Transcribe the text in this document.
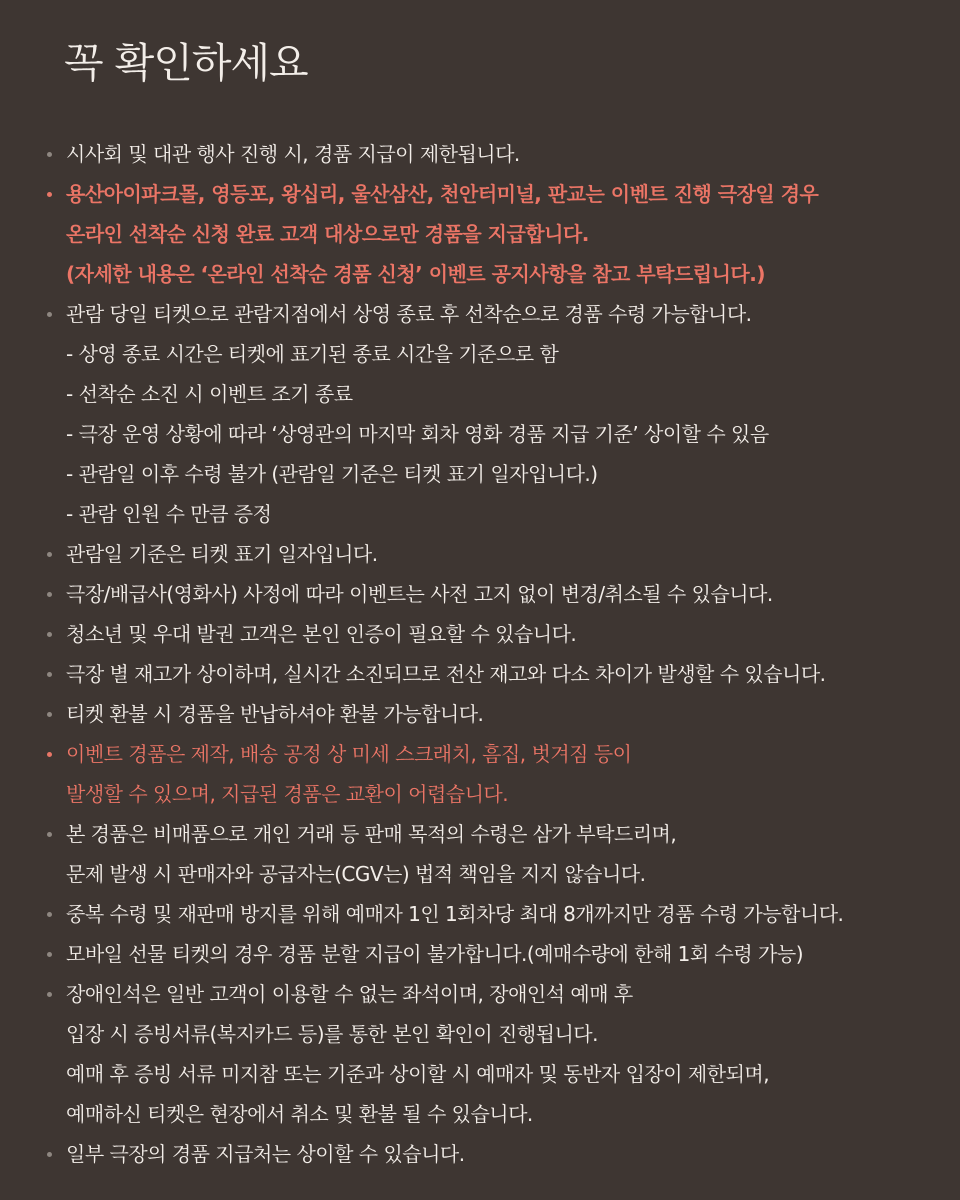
꼭 확인하세요
시사회 및 대관 행사 진행 시, 경품 지급이 제한됩니다.
용산아이파크몰, 영등포, 왕십리, 울산삼산, 천안터미널, 판교는 이벤트 진행 극장일 경우
온라인 선착순 신청 완료 고객 대상으로만 경품을 지급합니다.
(자세한 내용은 ‘온라인 선착순 경품 신청’ 이벤트 공지사항을 참고 부탁드립니다.)
관람 당일 티켓으로 관람지점에서 상영 종료 후 선착순으로 경품 수령 가능합니다.
- 상영 종료 시간은 티켓에 표기된 종료 시간을 기준으로 함
- 선착순 소진 시 이벤트 조기 종료
- 극장 운영 상황에 따라 ‘상영관의 마지막 회차 영화 경품 지급 기준’ 상이할 수 있음
- 관람일 이후 수령 불가 (관람일 기준은 티켓 표기 일자입니다.)
- 관람 인원 수 만큼 증정
관람일 기준은 티켓 표기 일자입니다.
극장/배급사(영화사) 사정에 따라 이벤트는 사전 고지 없이 변경/취소될 수 있습니다.
청소년 및 우대 발권 고객은 본인 인증이 필요할 수 있습니다.
극장 별 재고가 상이하며, 실시간 소진되므로 전산 재고와 다소 차이가 발생할 수 있습니다.
티켓 환불 시 경품을 반납하셔야 환불 가능합니다.
이벤트 경품은 제작, 배송 공정 상 미세 스크래치, 흠집, 벗겨짐 등이
발생할 수 있으며, 지급된 경품은 교환이 어렵습니다.
본 경품은 비매품으로 개인 거래 등 판매 목적의 수령은 삼가 부탁드리며,
문제 발생 시 판매자와 공급자는(CGV는) 법적 책임을 지지 않습니다.
중복 수령 및 재판매 방지를 위해 예매자 1인 1회차당 최대 8개까지만 경품 수령 가능합니다.
모바일 선물 티켓의 경우 경품 분할 지급이 불가합니다.(예매수량에 한해 1회 수령 가능)
장애인석은 일반 고객이 이용할 수 없는 좌석이며, 장애인석 예매 후
입장 시 증빙서류(복지카드 등)를 통한 본인 확인이 진행됩니다.
예매 후 증빙 서류 미지참 또는 기준과 상이할 시 예매자 및 동반자 입장이 제한되며,
예매하신 티켓은 현장에서 취소 및 환불 될 수 있습니다.
일부 극장의 경품 지급처는 상이할 수 있습니다.
